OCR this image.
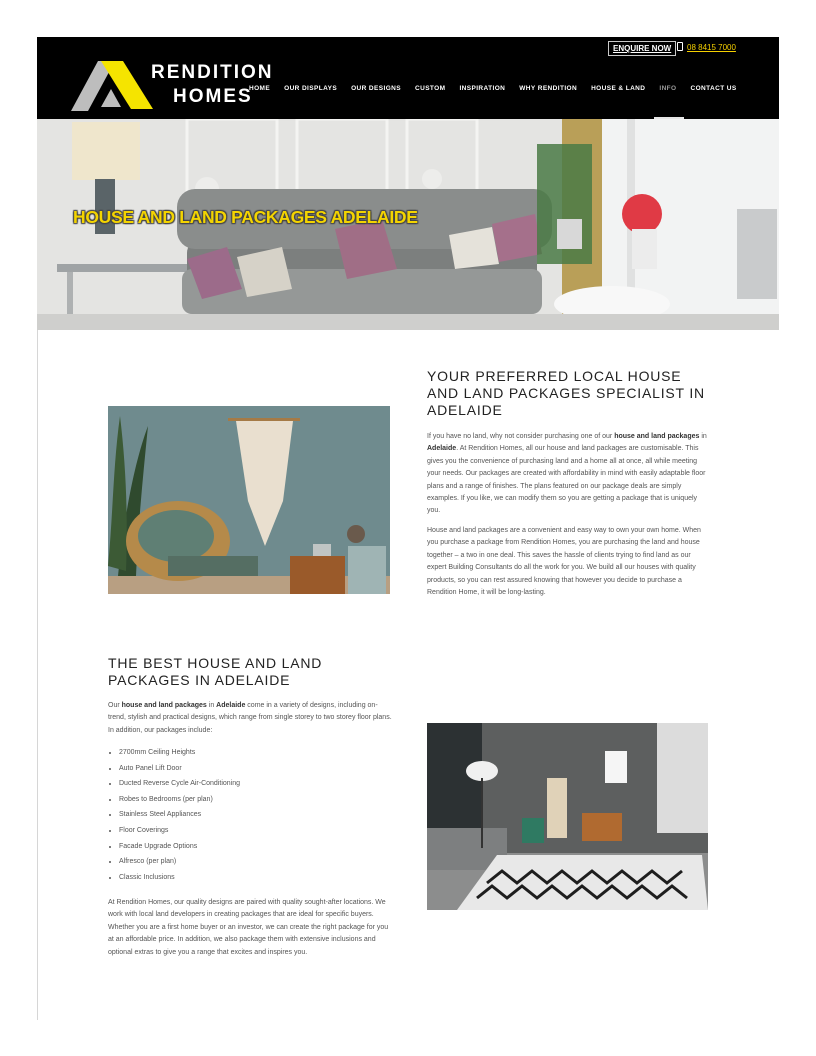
RENDITION
HOMES
ENQUIRE NOW	08 8415 7000
HOME OUR DISPLAYS OUR DESIGNS CUSTOM INSPIRATION WHY RENDITION HOUSE & LAND INFO CONTACT US
HOUSE AND LAND PACKAGES ADELAIDE
YOUR PREFERRED LOCAL HOUSE AND LAND PACKAGES SPECIALIST IN ADELAIDE

If you have no land, why not consider purchasing one of our house and land packages in Adelaide. At Rendition Homes, all our house and land packages are customisable. This gives you the convenience of purchasing land and a home all at once, all while meeting your needs. Our packages are created with affordability in mind with easily adaptable floor plans and a range of finishes. The plans featured on our package deals are simply examples. If you like, we can modify them so you are getting a package that is uniquely you.

House and land packages are a convenient and easy way to own your own home. When you purchase a package from Rendition Homes, you are purchasing the land and house together – a two in one deal. This saves the hassle of clients trying to find land as our expert Building Consultants do all the work for you. We build all our houses with quality products, so you can rest assured knowing that however you decide to purchase a Rendition Home, it will be long-lasting.

THE BEST HOUSE AND LAND PACKAGES IN ADELAIDE

Our house and land packages in Adelaide come in a variety of designs, including on-trend, stylish and practical designs, which range from single storey to two storey floor plans. In addition, our packages include:

• 2700mm Ceiling Heights
• Auto Panel Lift Door
• Ducted Reverse Cycle Air-Conditioning
• Robes to Bedrooms (per plan)
• Stainless Steel Appliances
• Floor Coverings
• Facade Upgrade Options
• Alfresco (per plan)
• Classic Inclusions

At Rendition Homes, our quality designs are paired with quality sought-after locations. We work with local land developers in creating packages that are ideal for specific buyers. Whether you are a first home buyer or an investor, we can create the right package for you at an affordable price. In addition, we also package them with extensive inclusions and optional extras to give you a range that excites and inspires you.
